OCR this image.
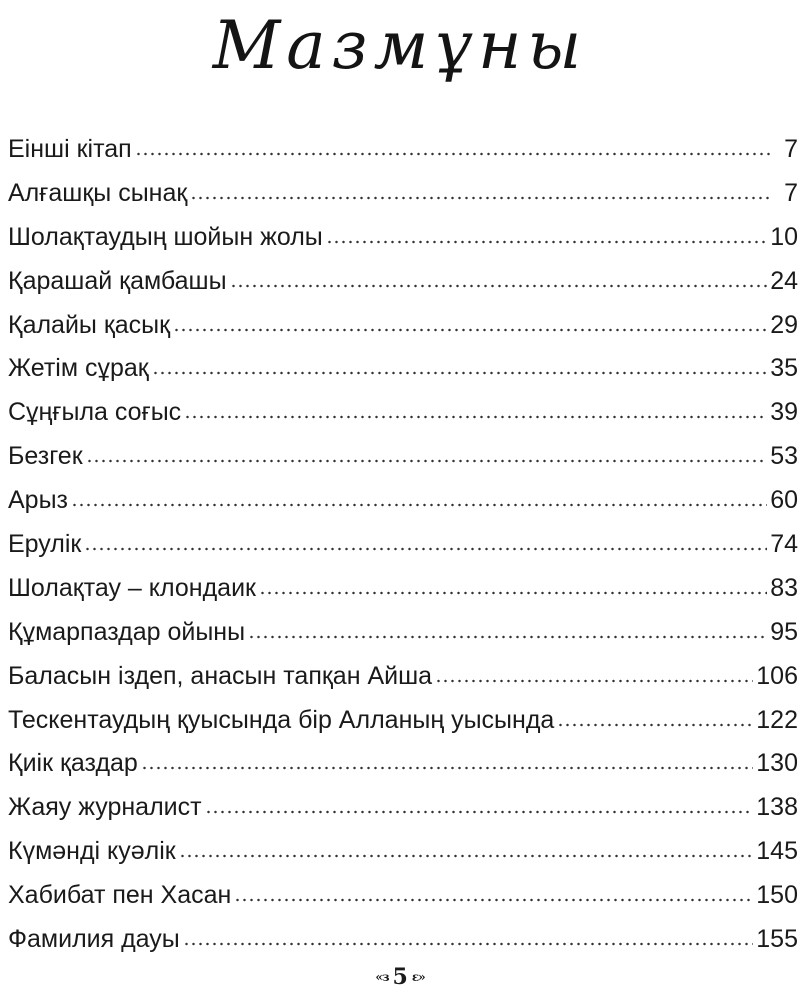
Мазмұны
Еінші кітап	7
Алғашқы сынақ	7
Шолақтаудың шойын жолы	10
Қарашай қамбашы	24
Қалайы қасық	29
Жетім сұрақ	35
Сұңғыла соғыс	39
Безгек	53
Арыз	60
Ерулік	74
Шолақтау – клондаик	83
Құмарпаздар ойыны	95
Баласын іздеп, анасын тапқан Айша	106
Тескентаудың қуысында бір Алланың уысында	122
Қиік қаздар	130
Жаяу журналист	138
Күмәнді куәлік	145
Хабибат пен Хасан	150
Фамилия дауы	155
«з 5 ε»
